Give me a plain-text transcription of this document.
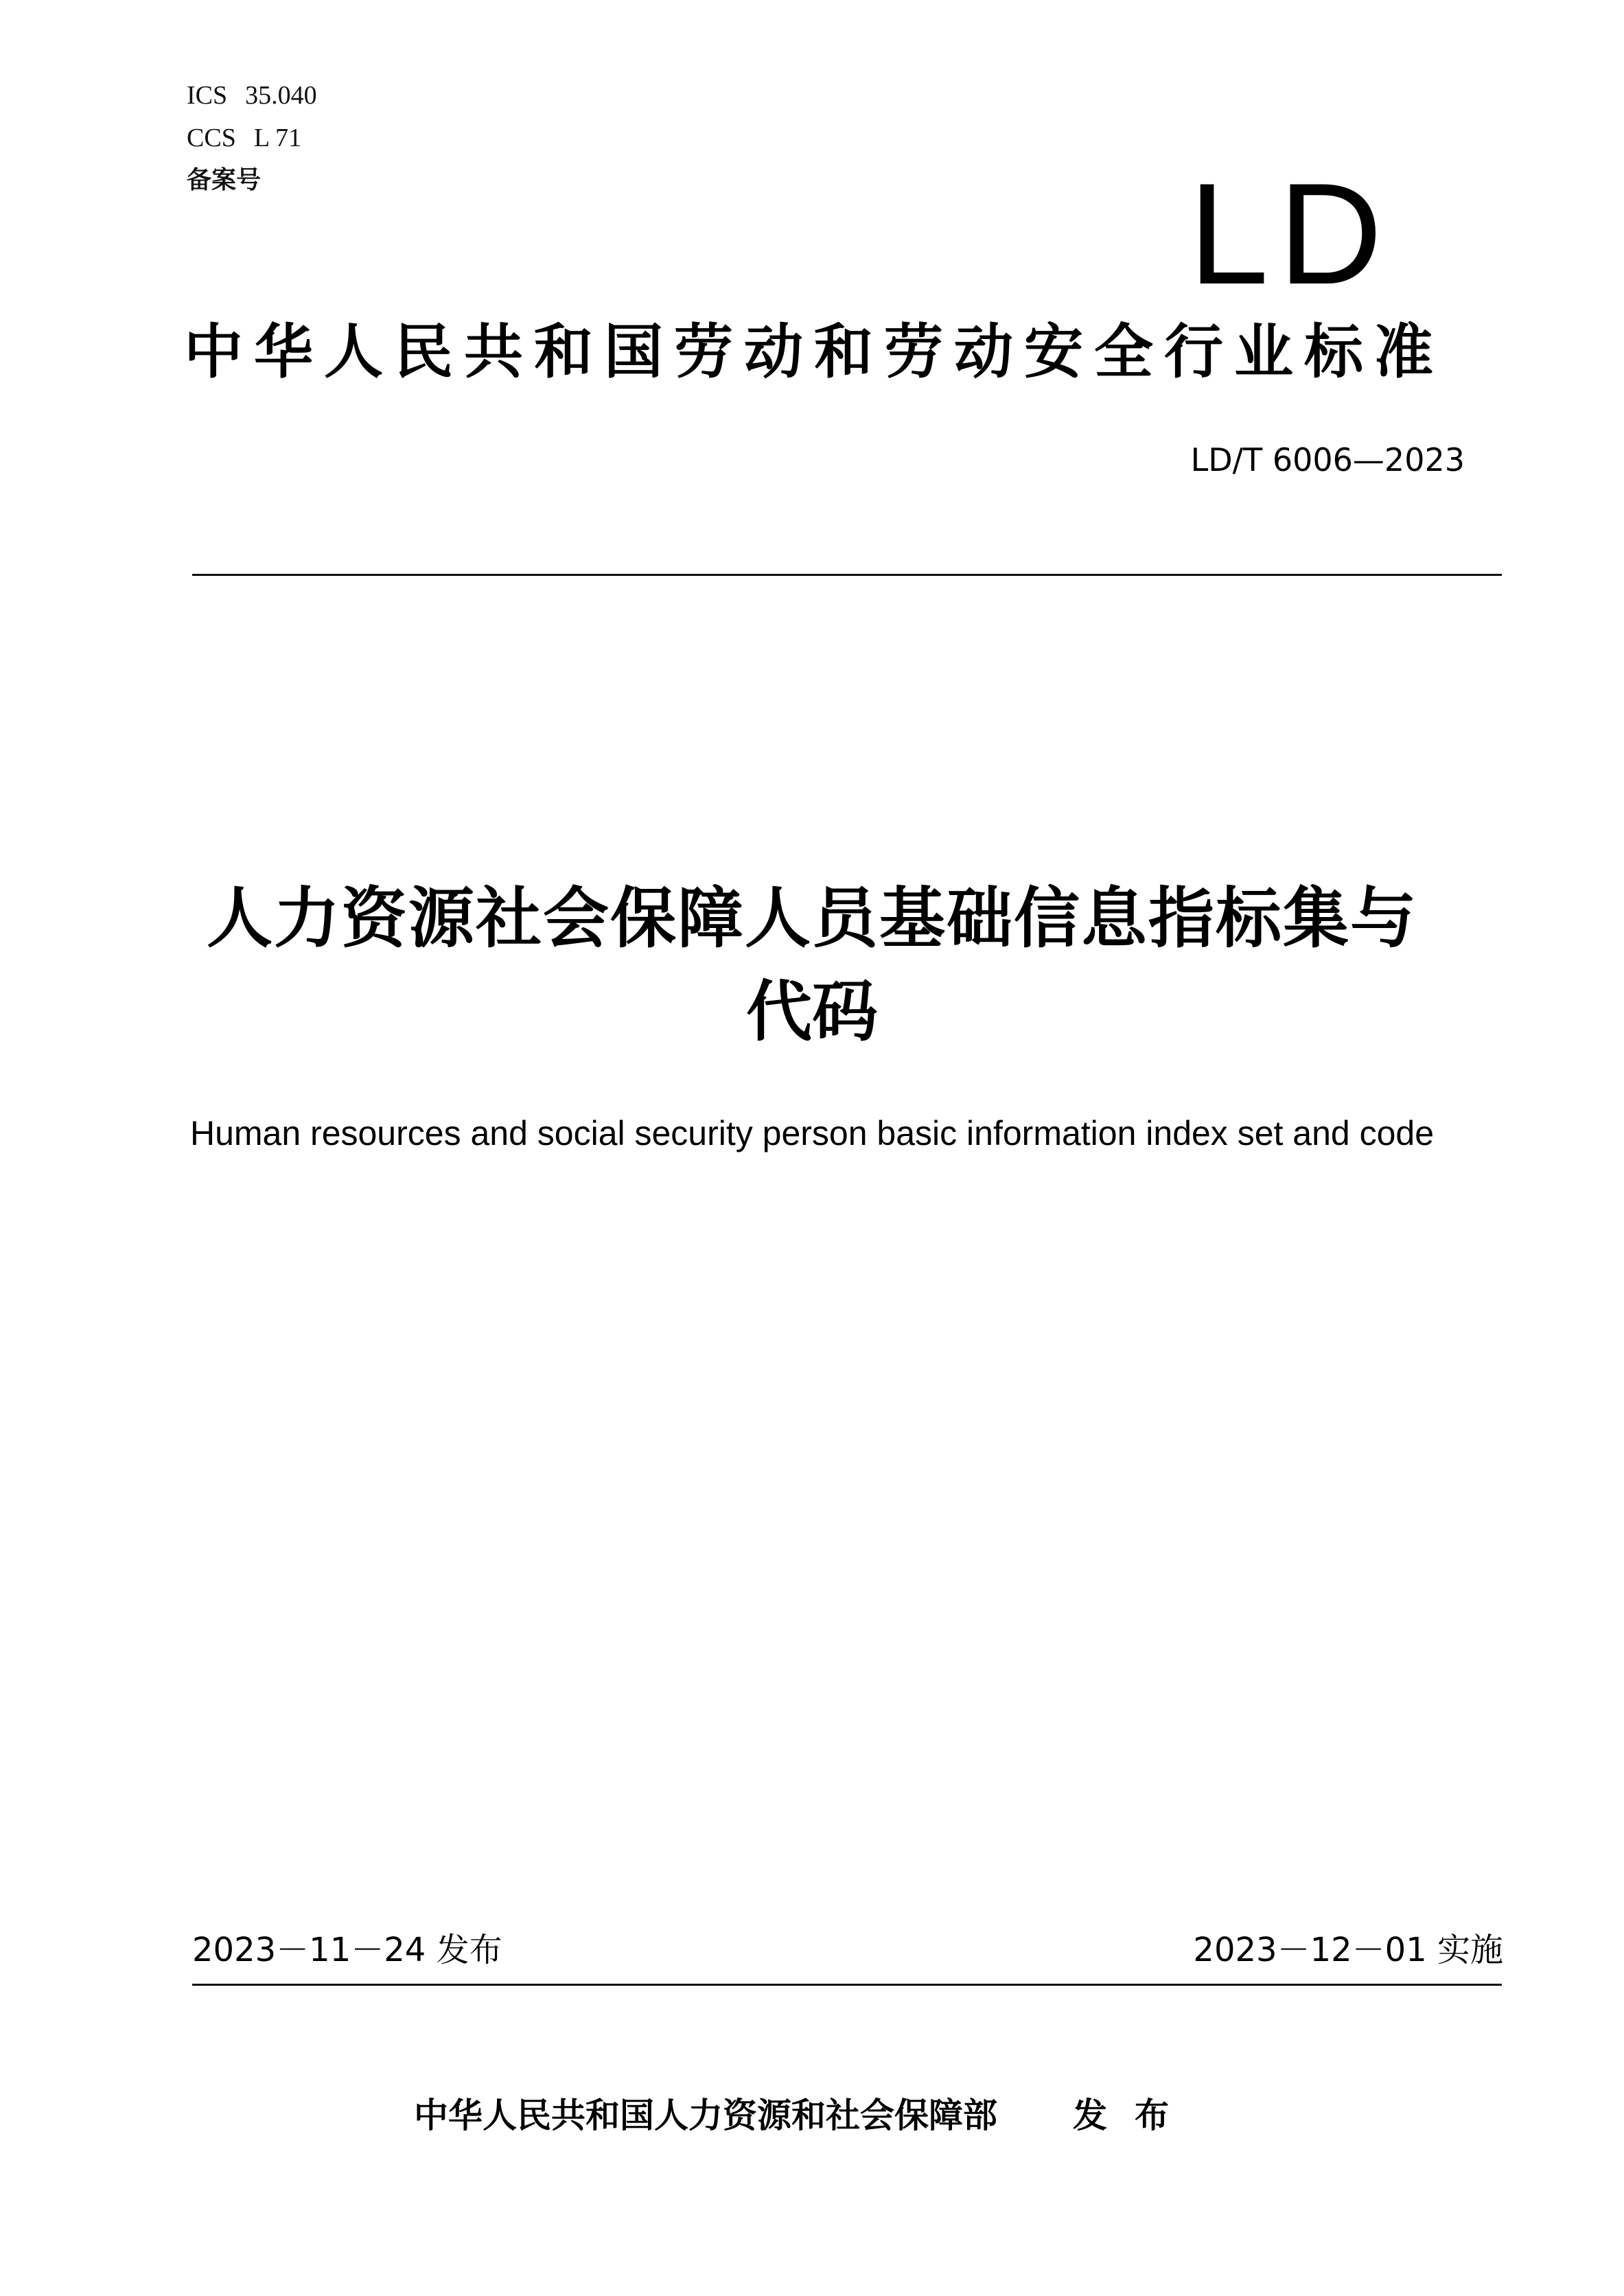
ICS 35.040
CCS L 71
备案号	LD
中华人民共和国劳动和劳动安全行业标准
LD/T 6006—2023
人力资源社会保障人员基础信息指标集与
代码
Human resources and social security person basic information index set and code
2023－11－24 发布	2023－12－01 实施
中华人民共和国人力资源和社会保障部 发布
